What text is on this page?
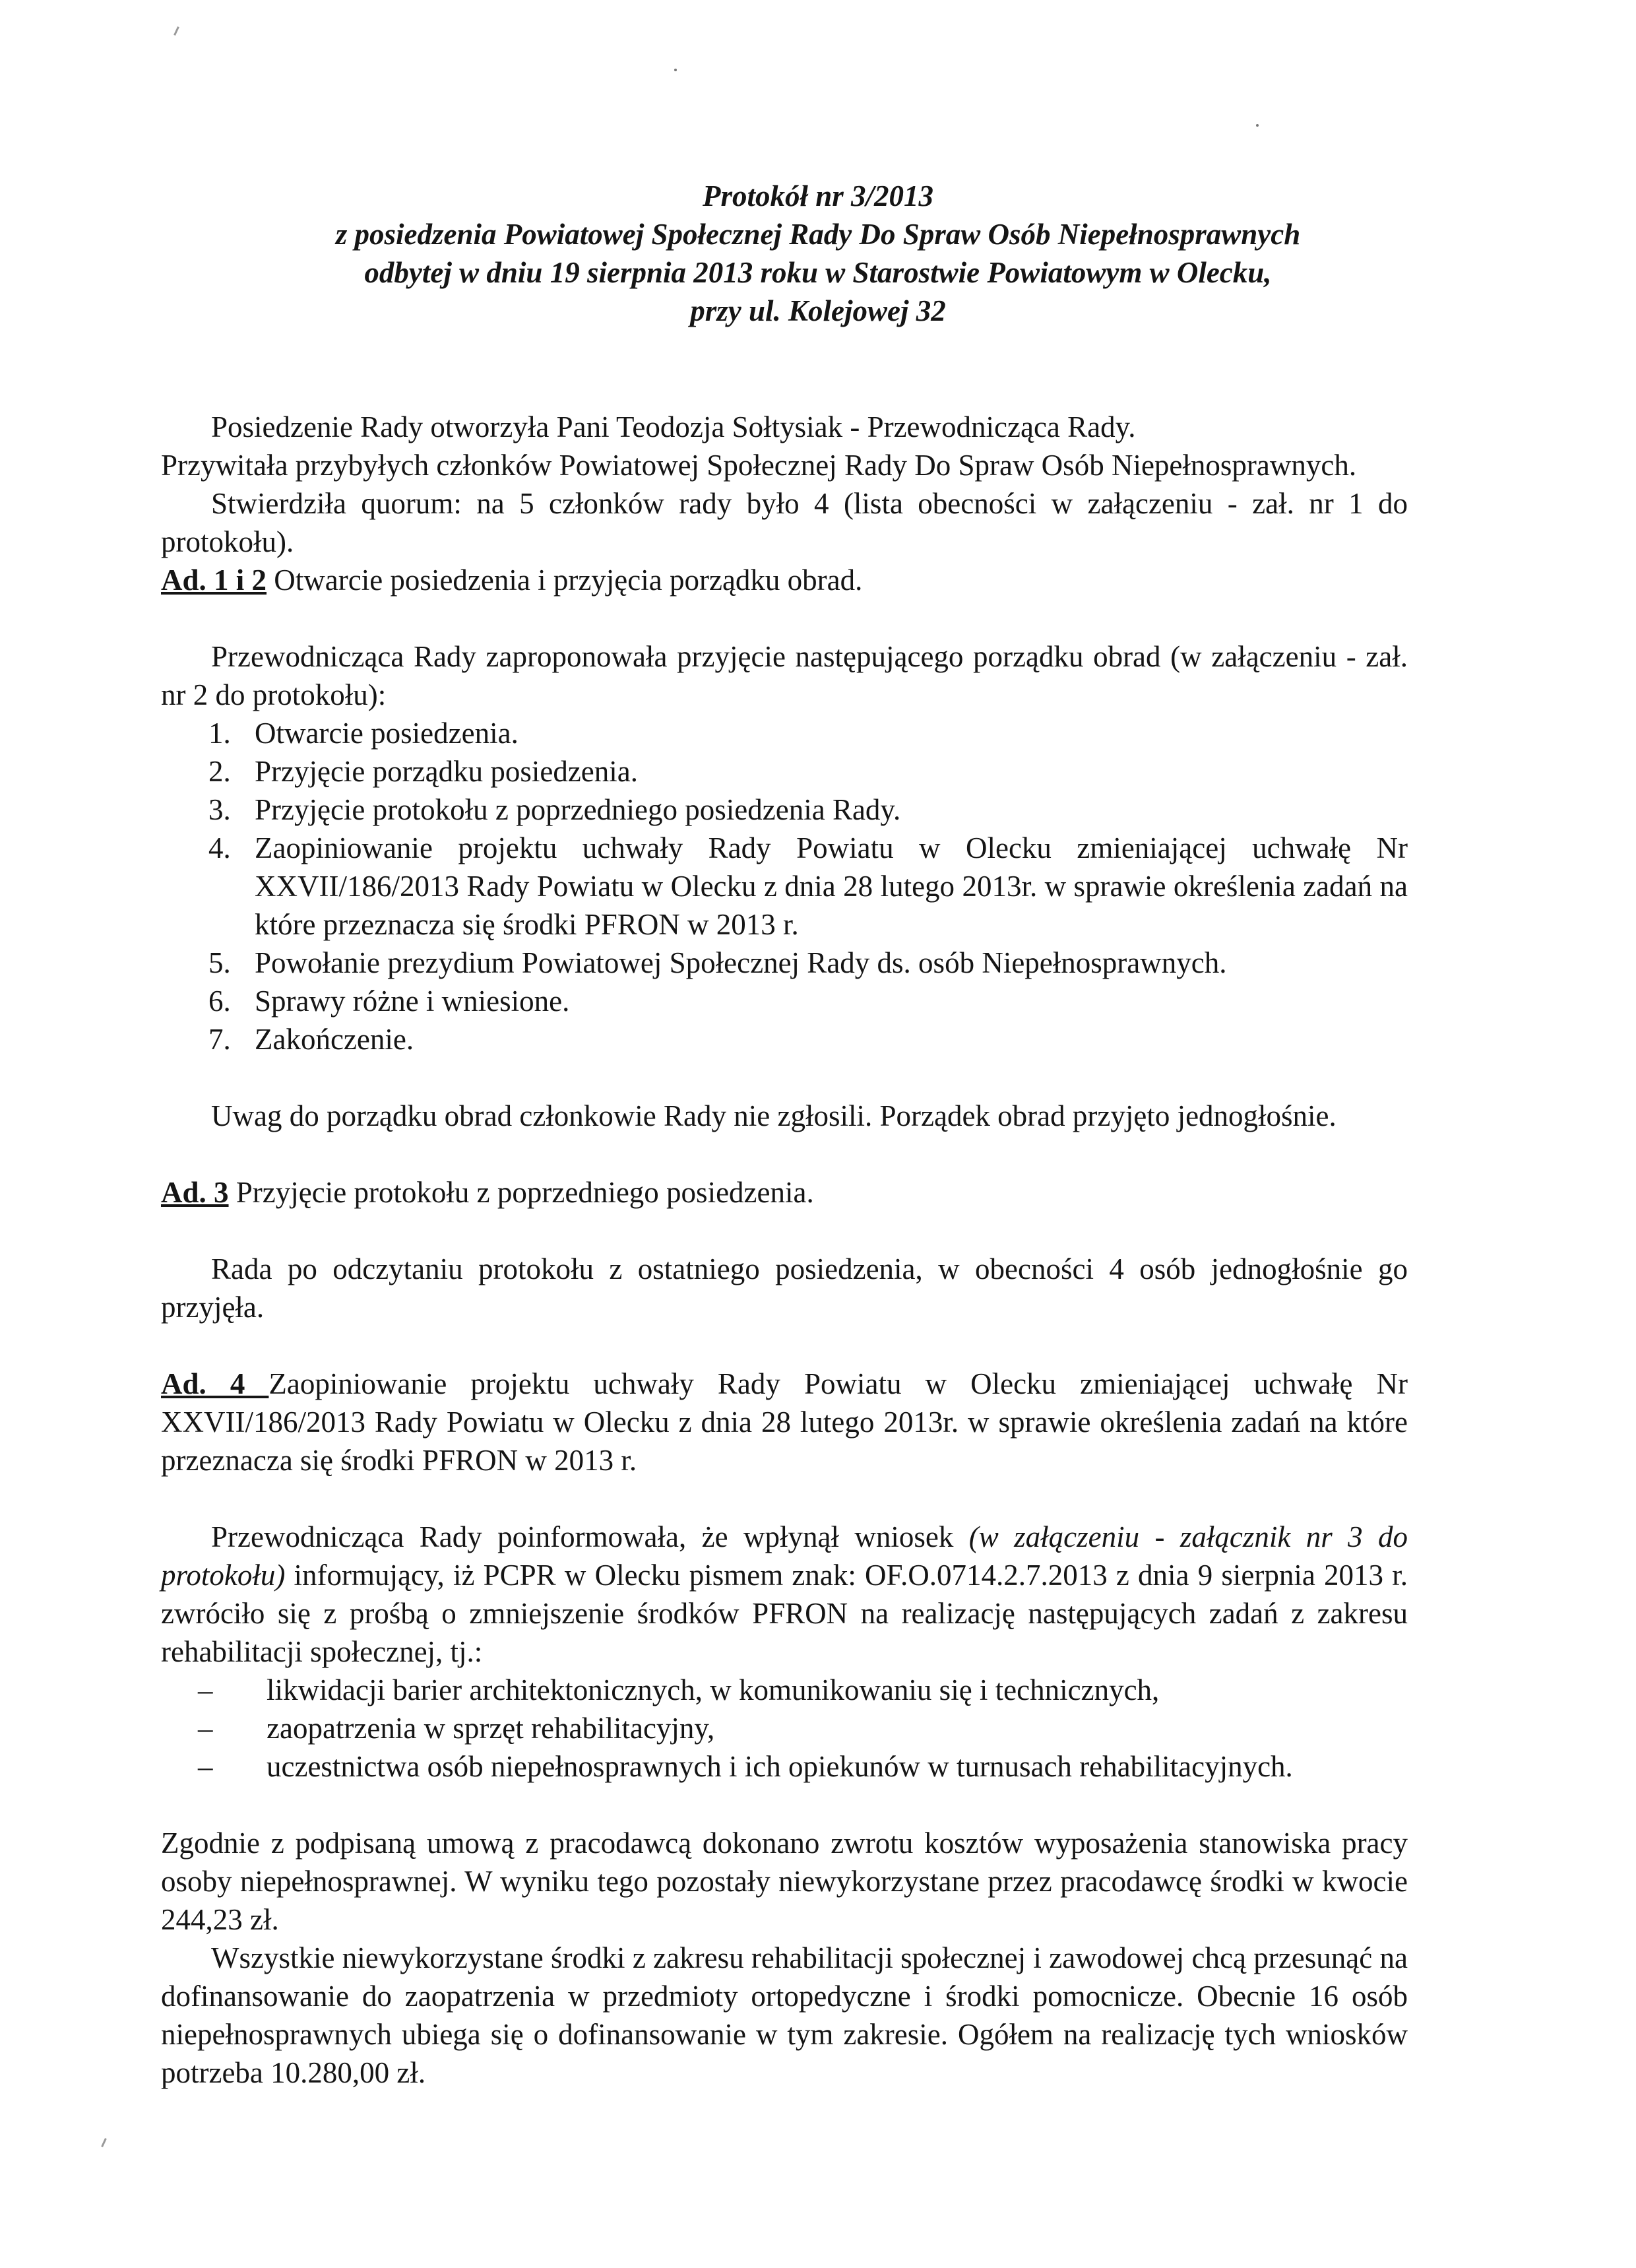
Protokół nr 3/2013
z posiedzenia Powiatowej Społecznej Rady Do Spraw Osób Niepełnosprawnych
odbytej w dniu 19 sierpnia 2013 roku w Starostwie Powiatowym w Olecku,
przy ul. Kolejowej 32

Posiedzenie Rady otworzyła Pani Teodozja Sołtysiak - Przewodnicząca Rady.

Przywitała przybyłych członków Powiatowej Społecznej Rady Do Spraw Osób Niepełnosprawnych.

Stwierdziła quorum: na 5 członków rady było 4 (lista obecności w załączeniu - zał. nr 1 do protokołu).

Ad. 1 i 2 Otwarcie posiedzenia i przyjęcia porządku obrad.

Przewodnicząca Rady zaproponowała przyjęcie następującego porządku obrad (w załączeniu - zał. nr 2 do protokołu):

1. Otwarcie posiedzenia.
2. Przyjęcie porządku posiedzenia.
3. Przyjęcie protokołu z poprzedniego posiedzenia Rady.
4. Zaopiniowanie projektu uchwały Rady Powiatu w Olecku zmieniającej uchwałę Nr XXVII/186/2013 Rady Powiatu w Olecku z dnia 28 lutego 2013r. w sprawie określenia zadań na które przeznacza się środki PFRON w 2013 r.
5. Powołanie prezydium Powiatowej Społecznej Rady ds. osób Niepełnosprawnych.
6. Sprawy różne i wniesione.
7. Zakończenie.

Uwag do porządku obrad członkowie Rady nie zgłosili. Porządek obrad przyjęto jednogłośnie.

Ad. 3 Przyjęcie protokołu z poprzedniego posiedzenia.

Rada po odczytaniu protokołu z ostatniego posiedzenia, w obecności 4 osób jednogłośnie go przyjęła.

Ad. 4 Zaopiniowanie projektu uchwały Rady Powiatu w Olecku zmieniającej uchwałę Nr XXVII/186/2013 Rady Powiatu w Olecku z dnia 28 lutego 2013r. w sprawie określenia zadań na które przeznacza się środki PFRON w 2013 r.

Przewodnicząca Rady poinformowała, że wpłynął wniosek (w załączeniu - załącznik nr 3 do protokołu) informujący, iż PCPR w Olecku pismem znak: OF.O.0714.2.7.2013 z dnia 9 sierpnia 2013 r. zwróciło się z prośbą o zmniejszenie środków PFRON na realizację następujących zadań z zakresu rehabilitacji społecznej, tj.:

–	likwidacji barier architektonicznych, w komunikowaniu się i technicznych,
–	zaopatrzenia w sprzęt rehabilitacyjny,
–	uczestnictwa osób niepełnosprawnych i ich opiekunów w turnusach rehabilitacyjnych.

Zgodnie z podpisaną umową z pracodawcą dokonano zwrotu kosztów wyposażenia stanowiska pracy osoby niepełnosprawnej. W wyniku tego pozostały niewykorzystane przez pracodawcę środki w kwocie 244,23 zł.

Wszystkie niewykorzystane środki z zakresu rehabilitacji społecznej i zawodowej chcą przesunąć na dofinansowanie do zaopatrzenia w przedmioty ortopedyczne i środki pomocnicze. Obecnie 16 osób niepełnosprawnych ubiega się o dofinansowanie w tym zakresie. Ogółem na realizację tych wniosków potrzeba 10.280,00 zł.
